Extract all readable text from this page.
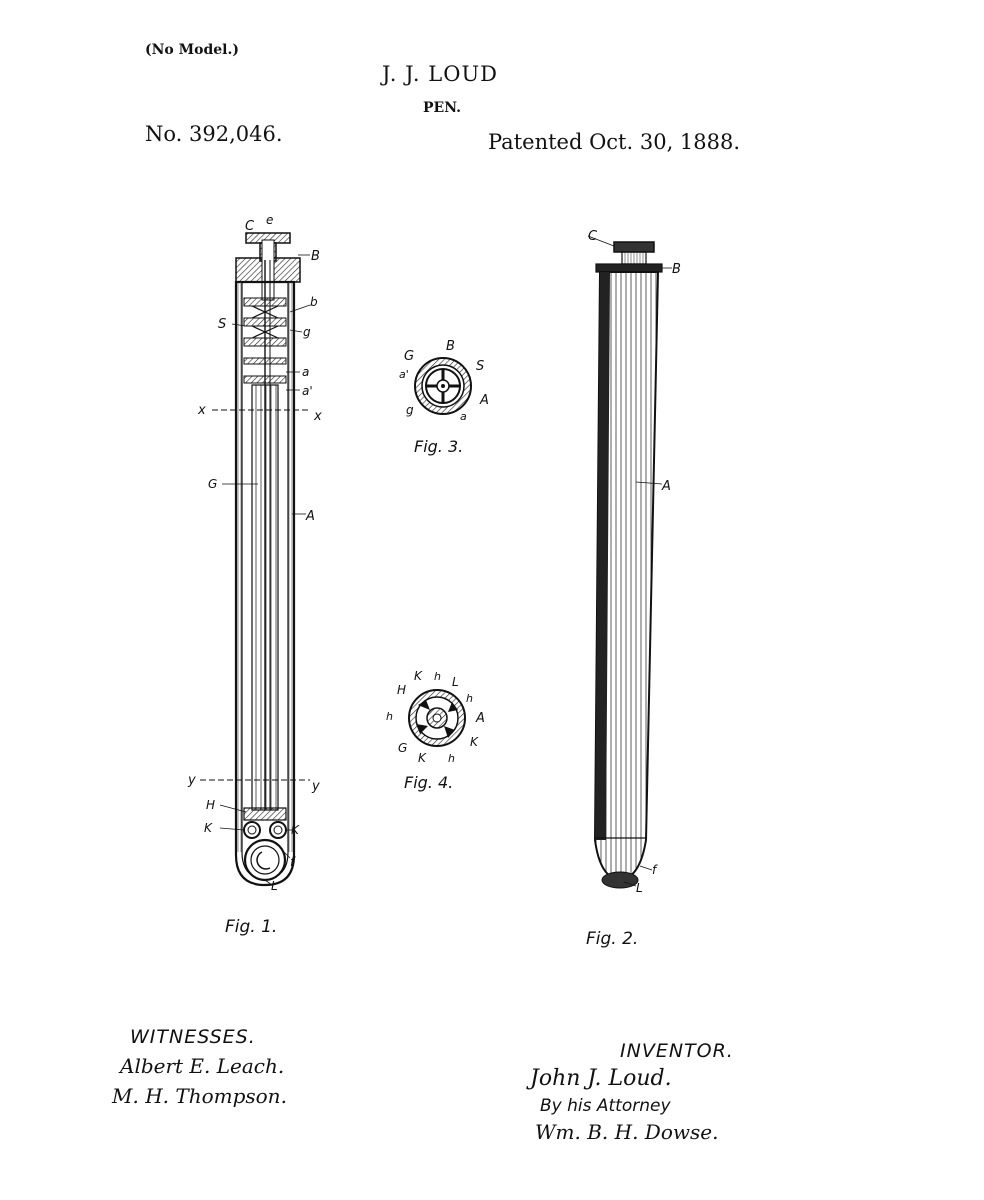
(No Model.)
J. J. LOUD
PEN.
No. 392,046.	Patented Oct. 30, 1888.
C e
B
b
S	g
a
a'
x	x
G
A
y	y
H
K	K
f
L
Fig. 1.
C
B
A
f
L
Fig. 2.
G
B
S
a'
A
g	a
Fig. 3.
K h L
h
H
A
h
K
G
K h
Fig. 4.
WITNESSES.
Albert E. Leach.
M. H. Thompson.
INVENTOR.
John J. Loud.
By his Attorney
Wm. B. H. Dowse.
